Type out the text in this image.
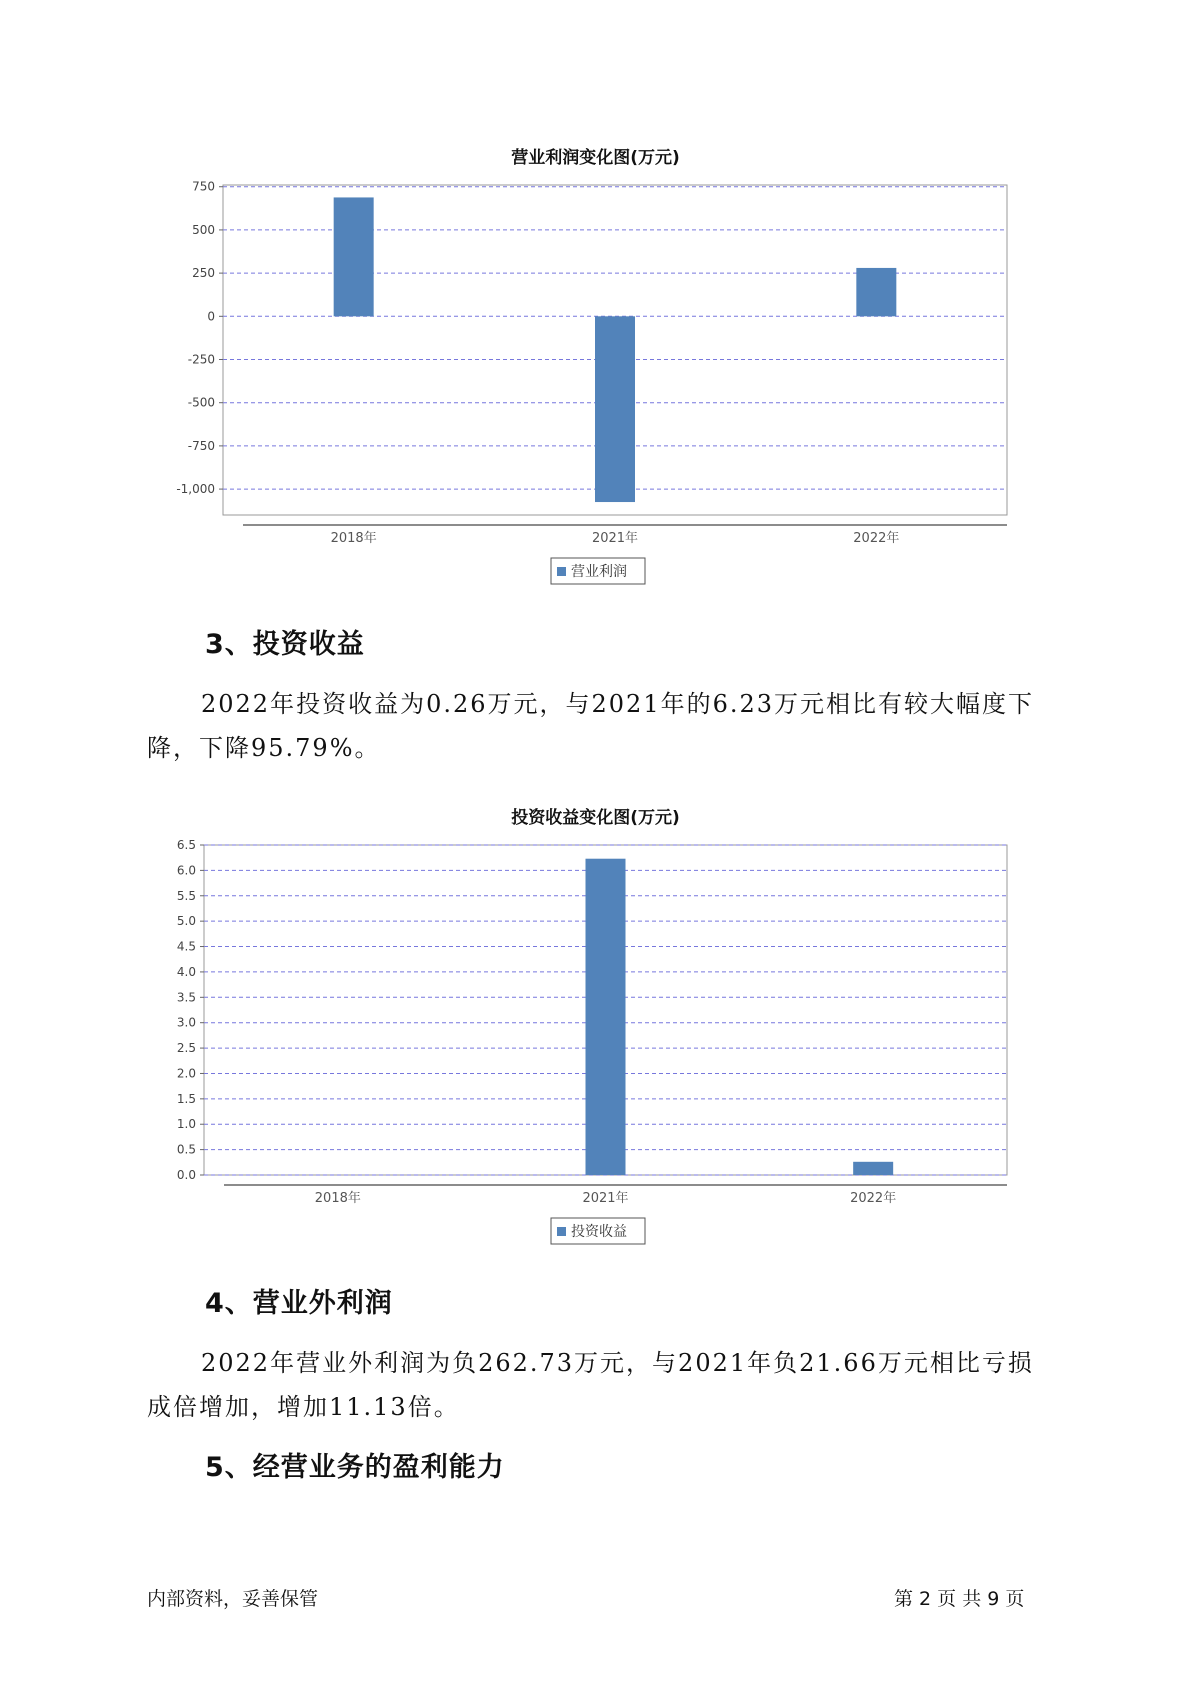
营业利润变化图(万元)
750
500
250
0
-250
-500
-750
-1,000
2018年	2021年	2022年
营业利润
3、投资收益
2022年投资收益为0.26万元，与2021年的6.23万元相比有较大幅度下降，下降95.79%。
投资收益变化图(万元)
0.0
0.5
1.0
1.5
2.0
2.5
3.0
3.5
4.0
4.5
5.0
5.5
6.0
6.5
2018年	2021年	2022年
投资收益
4、营业外利润
2022年营业外利润为负262.73万元，与2021年负21.66万元相比亏损成倍增加，增加11.13倍。
5、经营业务的盈利能力
内部资料，妥善保管	第 2 页 共 9 页
